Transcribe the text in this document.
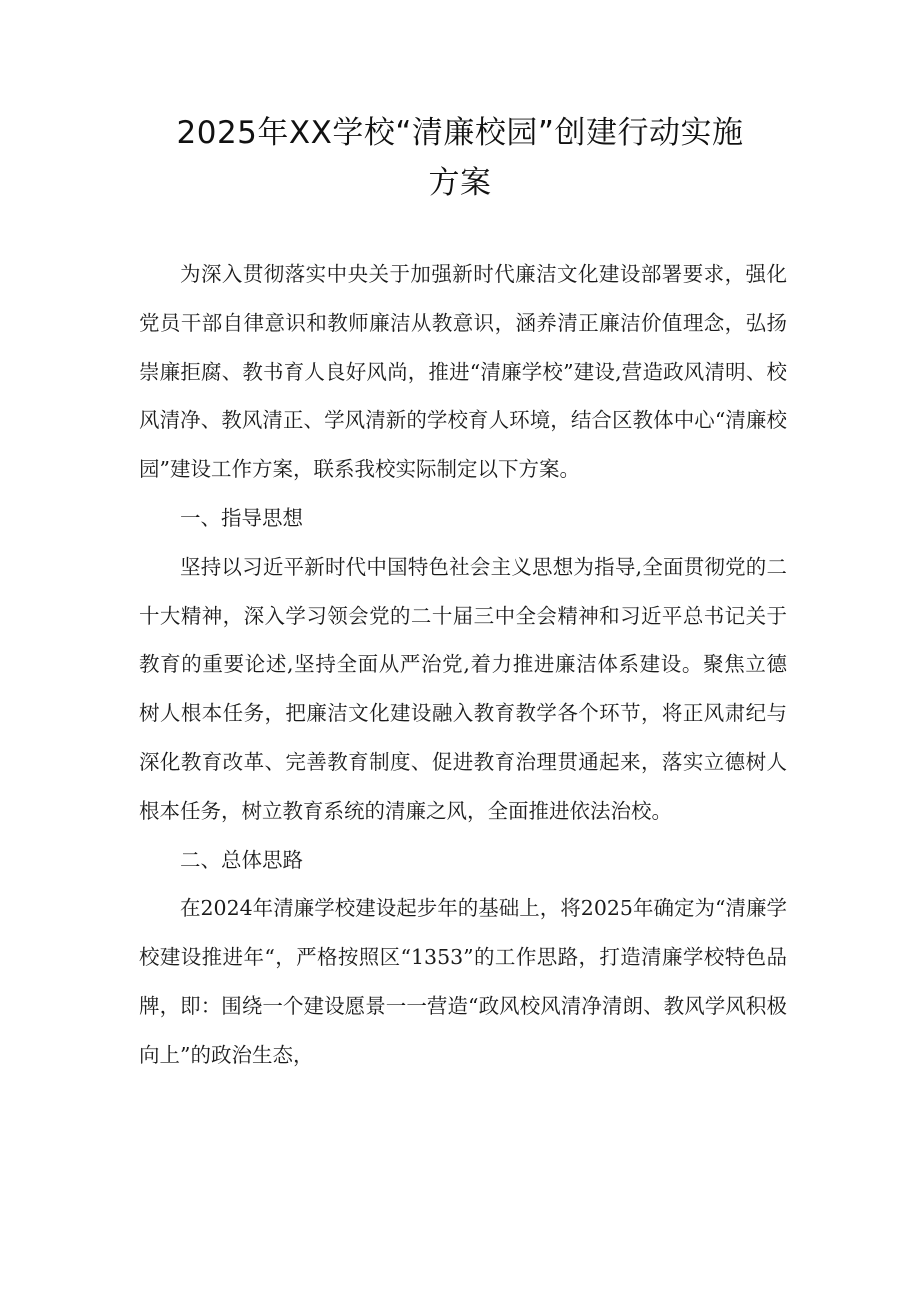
2025年XX学校“清廉校园”创建行动实施
方案

为深入贯彻落实中央关于加强新时代廉洁文化建设部署要求，强化党员干部自律意识和教师廉洁从教意识，涵养清正廉洁价值理念，弘扬崇廉拒腐、教书育人良好风尚，推进“清廉学校”建设,营造政风清明、校风清净、教风清正、学风清新的学校育人环境，结合区教体中心“清廉校园”建设工作方案，联系我校实际制定以下方案。

一、指导思想

坚持以习近平新时代中国特色社会主义思想为指导,全面贯彻党的二十大精神，深入学习领会党的二十届三中全会精神和习近平总书记关于教育的重要论述,坚持全面从严治党,着力推进廉洁体系建设。聚焦立德树人根本任务，把廉洁文化建设融入教育教学各个环节，将正风肃纪与深化教育改革、完善教育制度、促进教育治理贯通起来，落实立德树人根本任务，树立教育系统的清廉之风，全面推进依法治校。

二、总体思路

在2024年清廉学校建设起步年的基础上，将2025年确定为“清廉学校建设推进年“，严格按照区“1353”的工作思路，打造清廉学校特色品牌，即：围绕一个建设愿景一一营造“政风校风清净清朗、教风学风积极向上”的政治生态，
